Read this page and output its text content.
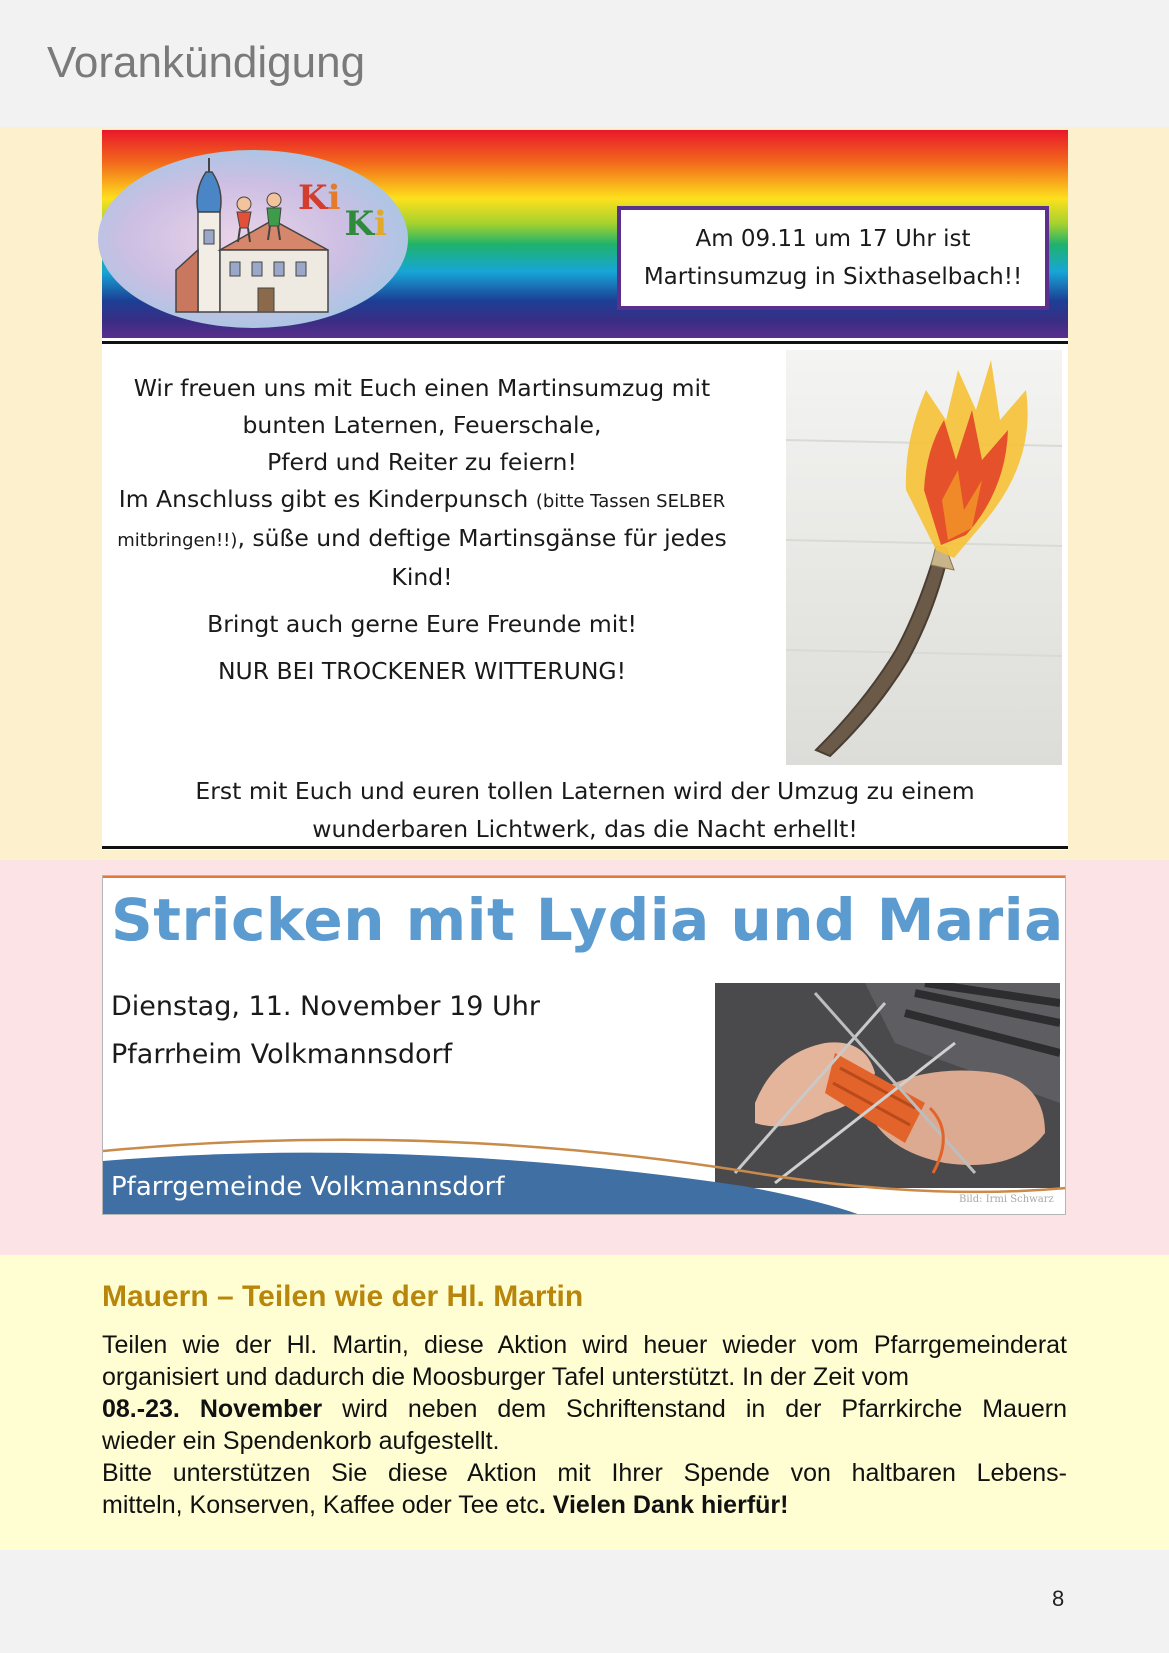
Vorankündigung
KiKi	Am 09.11 um 17 Uhr ist
Martinsumzug in Sixthaselbach!!

Wir freuen uns mit Euch einen Martinsumzug mit

bunten Laternen, Feuerschale,

Pferd und Reiter zu feiern!

Im Anschluss gibt es Kinderpunsch (bitte Tassen SELBER

mitbringen!!), süße und deftige Martinsgänse für jedes

Kind!

Bringt auch gerne Eure Freunde mit!

NUR BEI TROCKENER WITTERUNG!

Erst mit Euch und euren tollen Laternen wird der Umzug zu einem
wunderbaren Lichtwerk, das die Nacht erhellt!
Stricken mit Lydia und Maria
Dienstag, 11. November 19 Uhr
Pfarrheim Volkmannsdorf
Pfarrgemeinde Volkmannsdorf	Bild: Irmi Schwarz
Mauern – Teilen wie der Hl. Martin
Teilen wie der Hl. Martin, diese Aktion wird heuer wieder vom Pfarrgemeinderat
organisiert und dadurch die Moosburger Tafel unterstützt. In der Zeit vom
08.-23. November wird neben dem Schriftenstand in der Pfarrkirche Mauern
wieder ein Spendenkorb aufgestellt.
Bitte unterstützen Sie diese Aktion mit Ihrer Spende von haltbaren Lebens-
mitteln, Konserven, Kaffee oder Tee etc. Vielen Dank hierfür!
8
